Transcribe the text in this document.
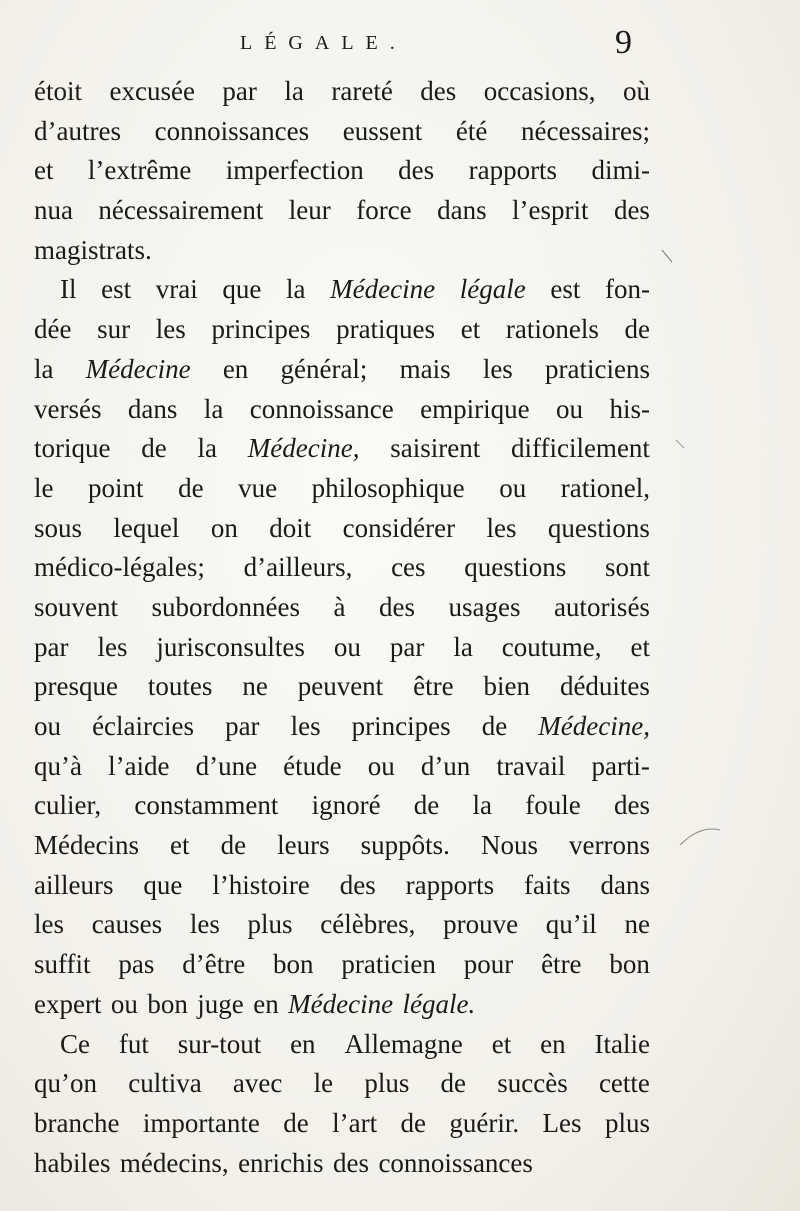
LÉGALE.	9
étoit excusée par la rareté des occasions, où
d’autres connoissances eussent été nécessaires;
et l’extrême imperfection des rapports dimi-
nua nécessairement leur force dans l’esprit des
magistrats.
Il est vrai que la Médecine légale est fon-
dée sur les principes pratiques et rationels de
la Médecine en général; mais les praticiens
versés dans la connoissance empirique ou his-
torique de la Médecine, saisirent difficilement
le point de vue philosophique ou rationel,
sous lequel on doit considérer les questions
médico-légales; d’ailleurs, ces questions sont
souvent subordonnées à des usages autorisés
par les jurisconsultes ou par la coutume, et
presque toutes ne peuvent être bien déduites
ou éclaircies par les principes de Médecine,
qu’à l’aide d’une étude ou d’un travail parti-
culier, constamment ignoré de la foule des
Médecins et de leurs suppôts. Nous verrons
ailleurs que l’histoire des rapports faits dans
les causes les plus célèbres, prouve qu’il ne
suffit pas d’être bon praticien pour être bon
expert ou bon juge en Médecine légale.
Ce fut sur-tout en Allemagne et en Italie
qu’on cultiva avec le plus de succès cette
branche importante de l’art de guérir. Les plus
habiles médecins, enrichis des connoissances
